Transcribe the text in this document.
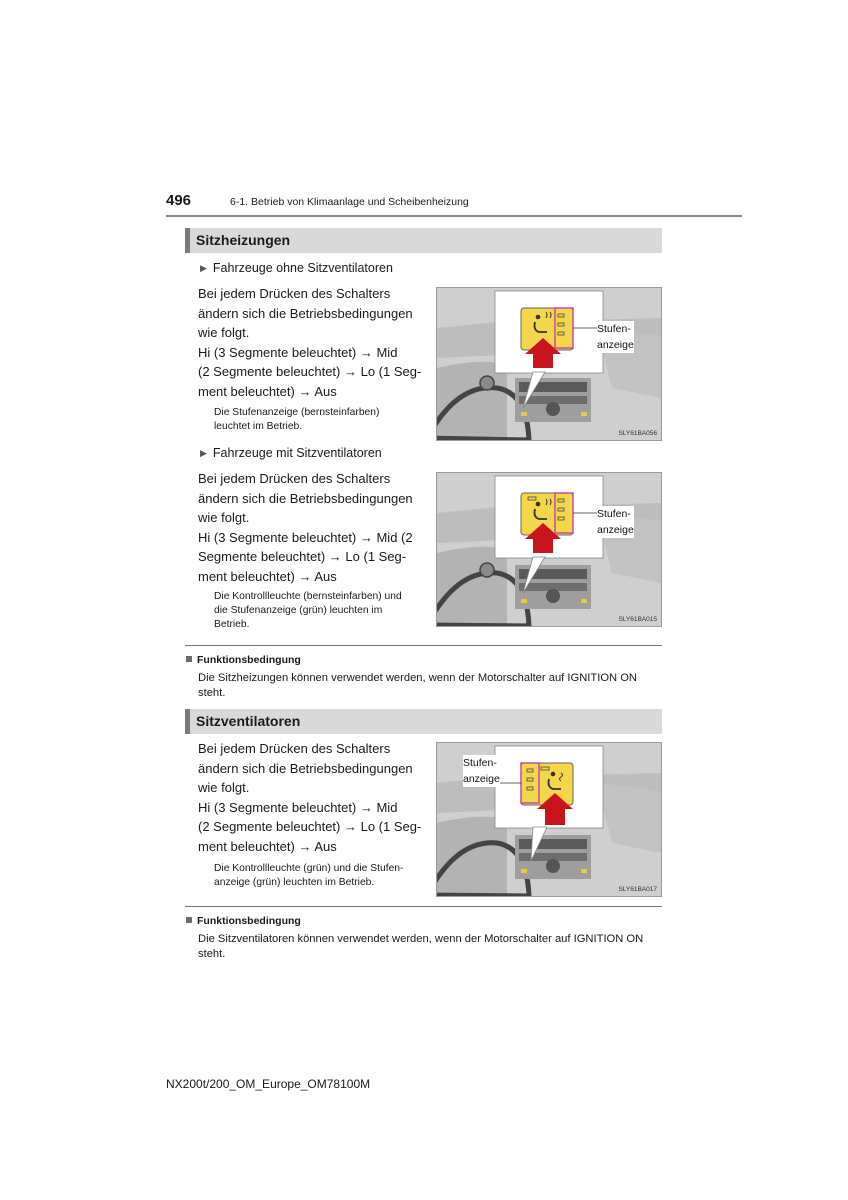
496	6-1. Betrieb von Klimaanlage und Scheibenheizung
Sitzheizungen
▶ Fahrzeuge ohne Sitzventilatoren
Bei jedem Drücken des Schalters
ändern sich die Betriebsbedingungen
wie folgt.
Hi (3 Segmente beleuchtet) → Mid
(2 Segmente beleuchtet) → Lo (1 Seg-
ment beleuchtet) → Aus
Die Stufenanzeige (bernsteinfarben)
leuchtet im Betrieb.
Stufen-
anzeige
SLY61BA056
▶ Fahrzeuge mit Sitzventilatoren
Bei jedem Drücken des Schalters
ändern sich die Betriebsbedingungen
wie folgt.
Hi (3 Segmente beleuchtet) → Mid (2
Segmente beleuchtet) → Lo (1 Seg-
ment beleuchtet) → Aus
Die Kontrollleuchte (bernsteinfarben) und
die Stufenanzeige (grün) leuchten im
Betrieb.
Stufen-
anzeige
SLY61BA015
Funktionsbedingung
Die Sitzheizungen können verwendet werden, wenn der Motorschalter auf IGNITION ON
steht.
Sitzventilatoren
Bei jedem Drücken des Schalters
ändern sich die Betriebsbedingungen
wie folgt.
Hi (3 Segmente beleuchtet) → Mid
(2 Segmente beleuchtet) → Lo (1 Seg-
ment beleuchtet) → Aus
Die Kontrollleuchte (grün) und die Stufen-
anzeige (grün) leuchten im Betrieb.
Stufen-
anzeige
SLY61BA017
Funktionsbedingung
Die Sitzventilatoren können verwendet werden, wenn der Motorschalter auf IGNITION ON
steht.
NX200t/200_OM_Europe_OM78100M
